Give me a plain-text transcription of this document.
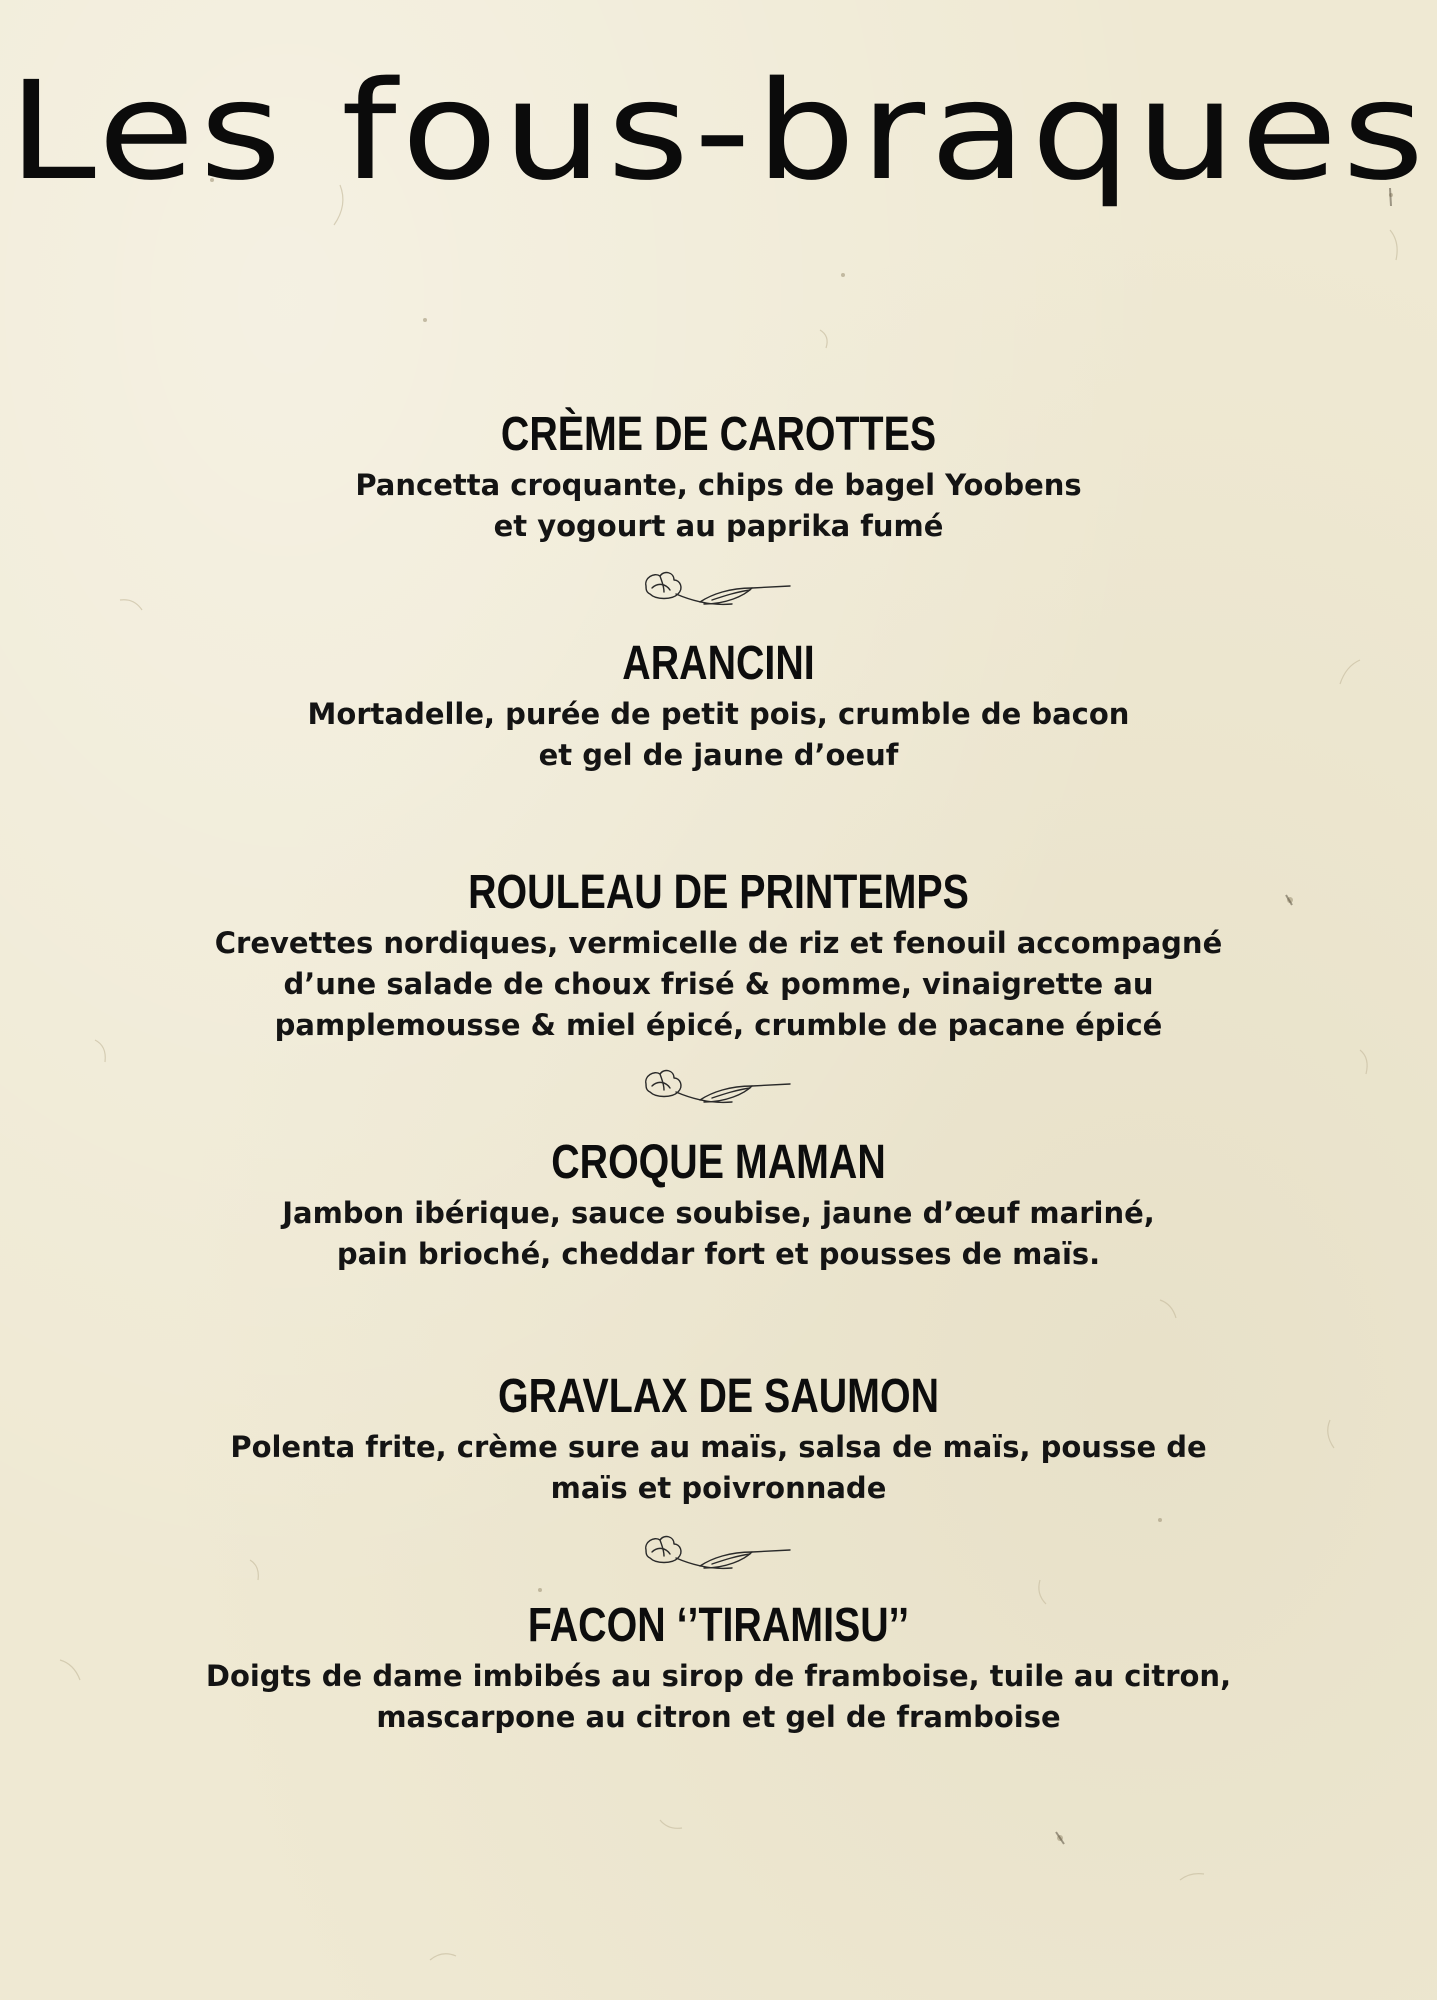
Les fous-braques
CRÈME DE CAROTTES
Pancetta croquante, chips de bagel Yoobens
et yogourt au paprika fumé
ARANCINI
Mortadelle, purée de petit pois, crumble de bacon
et gel de jaune d’oeuf
ROULEAU DE PRINTEMPS
Crevettes nordiques, vermicelle de riz et fenouil accompagné
d’une salade de choux frisé & pomme, vinaigrette au
pamplemousse & miel épicé, crumble de pacane épicé
CROQUE MAMAN
Jambon ibérique, sauce soubise, jaune d’œuf mariné,
pain brioché, cheddar fort et pousses de maïs.
GRAVLAX DE SAUMON
Polenta frite, crème sure au maïs, salsa de maïs, pousse de
maïs et poivronnade
FACON ‘’TIRAMISU’’
Doigts de dame imbibés au sirop de framboise, tuile au citron,
mascarpone au citron et gel de framboise
